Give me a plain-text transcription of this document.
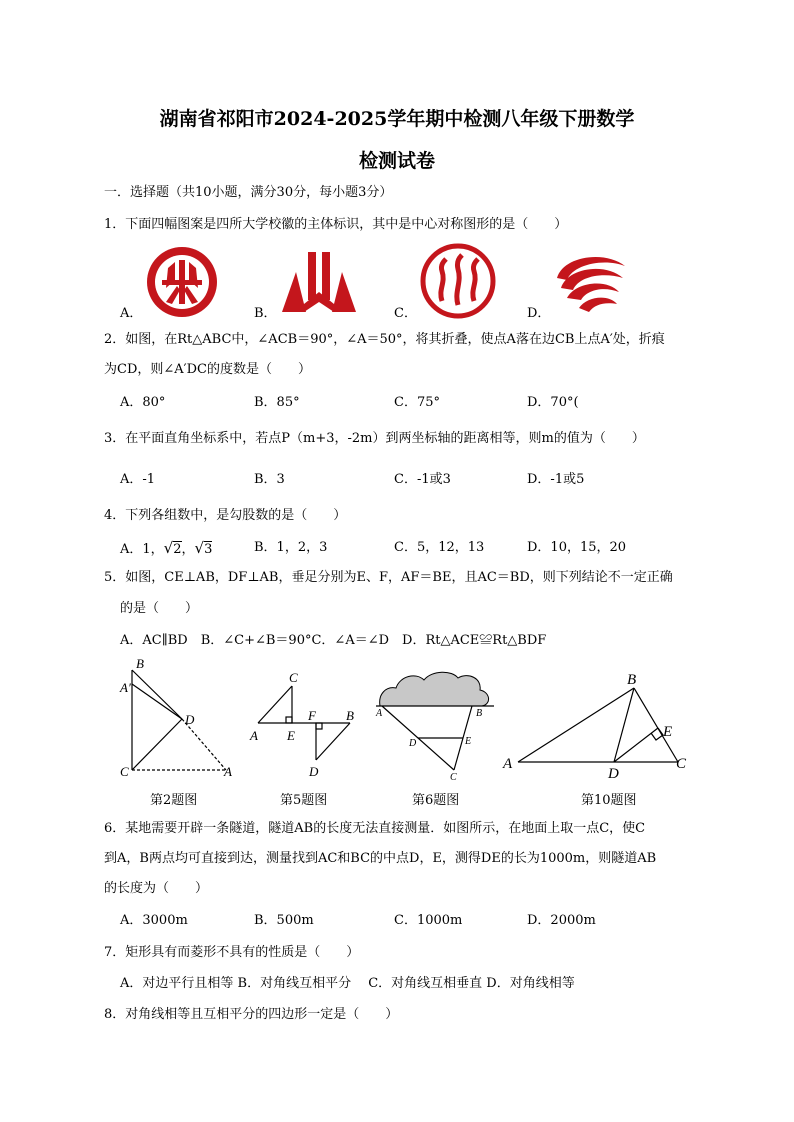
湖南省祁阳市2024-2025学年期中检测八年级下册数学
检测试卷
一．选择题（共10小题，满分30分，每小题3分）
1．下面四幅图案是四所大学校徽的主体标识，其中是中心对称图形的是（　　）
A．	B．	C．	D．
2．如图，在Rt△ABC中，∠ACB＝90°，∠A＝50°，将其折叠，使点A落在边CB上点A′处，折痕
为CD，则∠A′DC的度数是（　　）
A．80°	B．85°	C．75°	D．70°(
3．在平面直角坐标系中，若点P（m+3，-2m）到两坐标轴的距离相等，则m的值为（　　）
A．-1	B．3	C．-1或3	D．-1或5
4．下列各组数中，是勾股数的是（　　）
A．1，√2，√3	B．1，2，3	C．5，12，13	D．10，15，20
5．如图，CE⊥AB，DF⊥AB，垂足分别为E、F，AF＝BE，且AC＝BD，则下列结论不一定正确
的是（　　）
A．AC∥BD　B．∠C+∠B＝90°C．∠A＝∠D　D．Rt△ACE≌Rt△BDF
B
A′
D
C	A
第2题图
C
A E
F B
D
第5题图
A	B
D	E
C
第6题图
B
E
A
D
C
第10题图
6．某地需要开辟一条隧道，隧道AB的长度无法直接测量．如图所示，在地面上取一点C，使C
到A，B两点均可直接到达，测量找到AC和BC的中点D，E，测得DE的长为1000m，则隧道AB
的长度为（　　）
A．3000m	B．500m	C．1000m	D．2000m
7．矩形具有而菱形不具有的性质是（　　）
A．对边平行且相等 B．对角线互相平分　 C．对角线互相垂直 D．对角线相等
8．对角线相等且互相平分的四边形一定是（　　）
